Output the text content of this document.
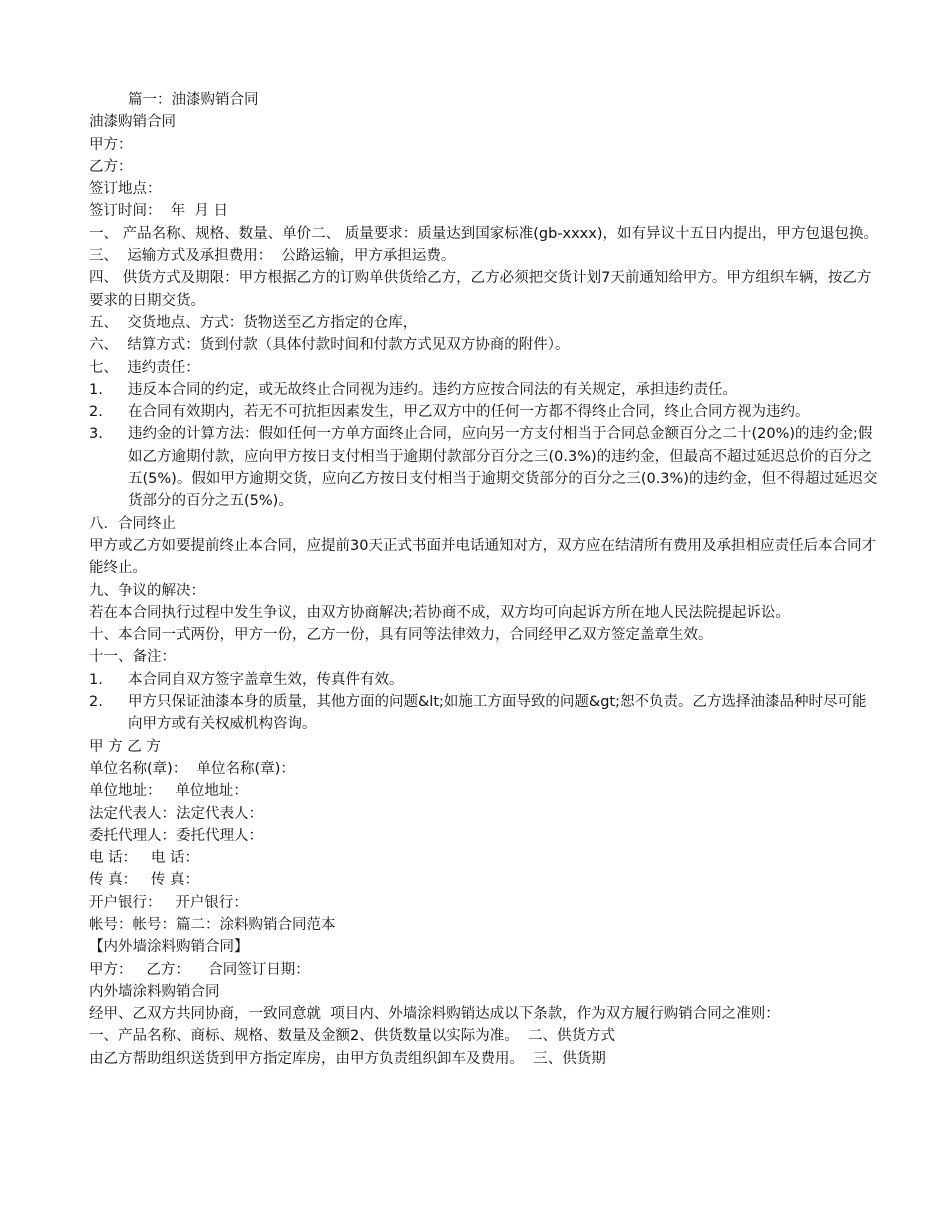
篇一：油漆购销合同

油漆购销合同

甲方：

乙方：

签订地点：

签订时间：  年  月 日

一、 产品名称、规格、数量、单价二、 质量要求：质量达到国家标准(gb-xxxx)，如有异议十五日内提出，甲方包退包换。

三、  运输方式及承担费用：  公路运输，甲方承担运费。

四、 供货方式及期限：甲方根据乙方的订购单供货给乙方，乙方必须把交货计划7天前通知给甲方。甲方组织车辆，按乙方要求的日期交货。

五、  交货地点、方式：货物送至乙方指定的仓库，

六、  结算方式：货到付款（具体付款时间和付款方式见双方协商的附件）。

七、  违约责任：

1.	违反本合同的约定，或无故终止合同视为违约。违约方应按合同法的有关规定，承担违约责任。
2.	在合同有效期内，若无不可抗拒因素发生，甲乙双方中的任何一方都不得终止合同，终止合同方视为违约。
3.	违约金的计算方法：假如任何一方单方面终止合同，应向另一方支付相当于合同总金额百分之二十(20%)的违约金;假如乙方逾期付款，应向甲方按日支付相当于逾期付款部分百分之三(0.3%)的违约金，但最高不超过延迟总价的百分之五(5%)。假如甲方逾期交货，应向乙方按日支付相当于逾期交货部分的百分之三(0.3%)的违约金，但不得超过延迟交货部分的百分之五(5%)。

八．合同终止

甲方或乙方如要提前终止本合同，应提前30天正式书面并电话通知对方，双方应在结清所有费用及承担相应责任后本合同才能终止。

九、争议的解决：

若在本合同执行过程中发生争议，由双方协商解决;若协商不成，双方均可向起诉方所在地人民法院提起诉讼。

十、本合同一式两份，甲方一份，乙方一份，具有同等法律效力，合同经甲乙双方签定盖章生效。

十一、备注：

1.	本合同自双方签字盖章生效，传真件有效。
2.	甲方只保证油漆本身的质量，其他方面的问题&lt;如施工方面导致的问题&gt;恕不负责。乙方选择油漆品种时尽可能向甲方或有关权威机构咨询。

甲 方 乙 方

单位名称(章)：  单位名称(章)：

单位地址：   单位地址：

法定代表人：法定代表人：

委托代理人：委托代理人：

电 话：   电 话：

传 真：   传 真：

开户银行：   开户银行：

帐号：帐号：篇二：涂料购销合同范本

【内外墙涂料购销合同】

甲方：   乙方：    合同签订日期：

内外墙涂料购销合同

经甲、乙双方共同协商，一致同意就  项目内、外墙涂料购销达成以下条款，作为双方履行购销合同之准则：

一、产品名称、商标、规格、数量及金额2、供货数量以实际为准。  二、供货方式

由乙方帮助组织送货到甲方指定库房，由甲方负责组织卸车及费用。  三、供货期
